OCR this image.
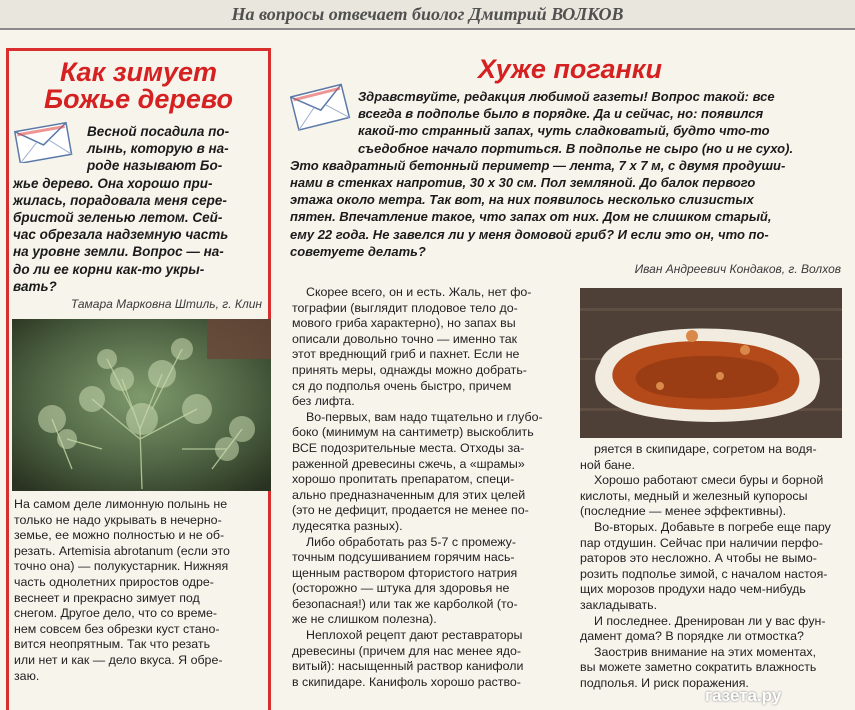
На вопросы отвечает биолог Дмитрий ВОЛКОВ
Как зимует
Божье дерево

Весной посадила по-

лынь, которую в на-

роде называют Бо-

жье дерево. Она хорошо при-

жилась, порадовала меня сере-

бристой зеленью летом. Сей-

час обрезала надземную часть

на уровне земли. Вопрос — на-

до ли ее корни как-то укры-

вать?

Тамара Марковна Штиль, г. Клин

На самом деле лимонную полынь не

только не надо укрывать в нечерно-

земье, ее можно полностью и не об-

резать. Artemisia abrotanum (если это

точно она) — полукустарник. Нижняя

часть однолетних приростов одре-

веснеет и прекрасно зимует под

снегом. Другое дело, что со време-

нем совсем без обрезки куст стано-

вится неопрятным. Так что резать

или нет и как — дело вкуса. Я обре-

заю.

Хуже поганки

Здравствуйте, редакция любимой газеты! Вопрос такой: все

всегда в подполье было в порядке. Да и сейчас, но: появился

какой-то странный запах, чуть сладковатый, будто что-то

съедобное начало портиться. В подполье не сыро (но и не сухо).

Это квадратный бетонный периметр — лента, 7 х 7 м, с двумя продуши-

нами в стенках напротив, 30 х 30 см. Пол земляной. До балок первого

этажа около метра. Так вот, на них появилось несколько слизистых

пятен. Впечатление такое, что запах от них. Дом не слишком старый,

ему 22 года. Не завелся ли у меня домовой гриб? И если это он, что по-

советуете делать?

Иван Андреевич Кондаков, г. Волхов

Скорее всего, он и есть. Жаль, нет фо-

тографии (выглядит плодовое тело до-

мового гриба характерно), но запах вы

описали довольно точно — именно так

этот вреднющий гриб и пахнет. Если не

принять меры, однажды можно добрать-

ся до подполья очень быстро, причем

без лифта.

Во-первых, вам надо тщательно и глубо-

боко (минимум на сантиметр) выскоблить

ВСЕ подозрительные места. Отходы за-

раженной древесины сжечь, а «шрамы»

хорошо пропитать препаратом, специ-

ально предназначенным для этих целей

(это не дефицит, продается не менее по-

лудесятка разных).

Либо обработать раз 5-7 с промежу-

точным подсушиванием горячим нась-

щенным раствором фтористого натрия

(осторожно — штука для здоровья не

безопасная!) или так же карболкой (то-

же не слишком полезна).

Неплохой рецепт дают реставраторы

древесины (причем для нас менее ядо-

витый): насыщенный раствор канифоли

в скипидаре. Канифоль хорошо раство-

ряется в скипидаре, согретом на водя-

ной бане.

Хорошо работают смеси буры и борной

кислоты, медный и железный купоросы

(последние — менее эффективны).

Во-вторых. Добавьте в погребе еще пару

пар отдушин. Сейчас при наличии перфо-

раторов это несложно. А чтобы не вымо-

розить подполье зимой, с началом настоя-

щих морозов продухи надо чем-нибудь

закладывать.

И последнее. Дренирован ли у вас фун-

дамент дома? В порядке ли отмостка?

Заострив внимание на этих моментах,

вы можете заметно сократить влажность

подполья. И риск поражения.

газета.ру
